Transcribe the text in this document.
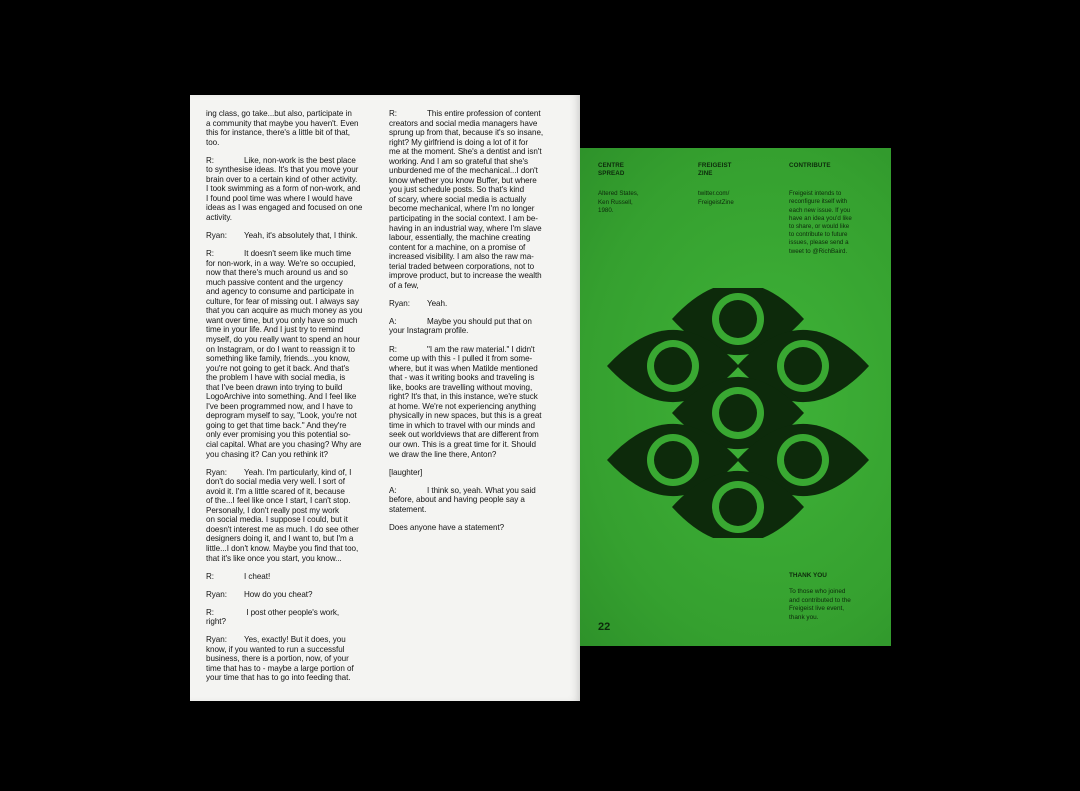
ing class, go take...but also, participate in
a community that maybe you haven't. Even
this for instance, there's a little bit of that,
too.

R:	Like, non-work is the best place
to synthesise ideas. It's that you move your
brain over to a certain kind of other activity.
I took swimming as a form of non-work, and
I found pool time was where I would have
ideas as I was engaged and focused on one
activity.

Ryan: Yeah, it's absolutely that, I think.

R:	It doesn't seem like much time
for non-work, in a way. We're so occupied,
now that there's much around us and so
much passive content and the urgency
and agency to consume and participate in
culture, for fear of missing out. I always say
that you can acquire as much money as you
want over time, but you only have so much
time in your life. And I just try to remind
myself, do you really want to spend an hour
on Instagram, or do I want to reassign it to
something like family, friends...you know,
you're not going to get it back. And that's
the problem I have with social media, is
that I've been drawn into trying to build
LogoArchive into something. And I feel like
I've been programmed now, and I have to
deprogram myself to say, "Look, you're not
going to get that time back." And they're
only ever promising you this potential so-
cial capital. What are you chasing? Why are
you chasing it? Can you rethink it?

Ryan: Yeah. I'm particularly, kind of, I
don't do social media very well. I sort of
avoid it. I'm a little scared of it, because
of the...I feel like once I start, I can't stop.
Personally, I don't really post my work
on social media. I suppose I could, but it
doesn't interest me as much. I do see other
designers doing it, and I want to, but I'm a
little...I don't know. Maybe you find that too,
that it's like once you start, you know...

R:	I cheat!

Ryan: How do you cheat?

R:	I post other people's work,
right?

Ryan: Yes, exactly! But it does, you
know, if you wanted to run a successful
business, there is a portion, now, of your
time that has to - maybe a large portion of
your time that has to go into feeding that.

R:	This entire profession of content
creators and social media managers have
sprung up from that, because it's so insane,
right? My girlfriend is doing a lot of it for
me at the moment. She's a dentist and isn't
working. And I am so grateful that she's
unburdened me of the mechanical...I don't
know whether you know Buffer, but where
you just schedule posts. So that's kind
of scary, where social media is actually
become mechanical, where I'm no longer
participating in the social context. I am be-
having in an industrial way, where I'm slave
labour, essentially, the machine creating
content for a machine, on a promise of
increased visibility. I am also the raw ma-
terial traded between corporations, not to
improve product, but to increase the wealth
of a few,

Ryan: Yeah.

A:	Maybe you should put that on
your Instagram profile.

R:	"I am the raw material." I didn't
come up with this - I pulled it from some-
where, but it was when Matilde mentioned
that - was it writing books and traveling is
like, books are travelling without moving,
right? It's that, in this instance, we're stuck
at home. We're not experiencing anything
physically in new spaces, but this is a great
time in which to travel with our minds and
seek out worldviews that are different from
our own. This is a great time for it. Should
we draw the line there, Anton?

[laughter]

A:	I think so, yeah. What you said
before, about and having people say a
statement.

Does anyone have a statement?

CENTRE
SPREAD
Altered States,
Ken Russell,
1980.
FREIGEIST
ZINE
twitter.com/
FreigeistZine
CONTRIBUTE
Freigeist intends to
reconfigure itself with
each new issue. If you
have an idea you'd like
to share, or would like
to contribute to future
issues, please send a
tweet to @RichBaird.
THANK YOU
To those who joined
and contributed to the
Freigeist live event,
thank you.
22
